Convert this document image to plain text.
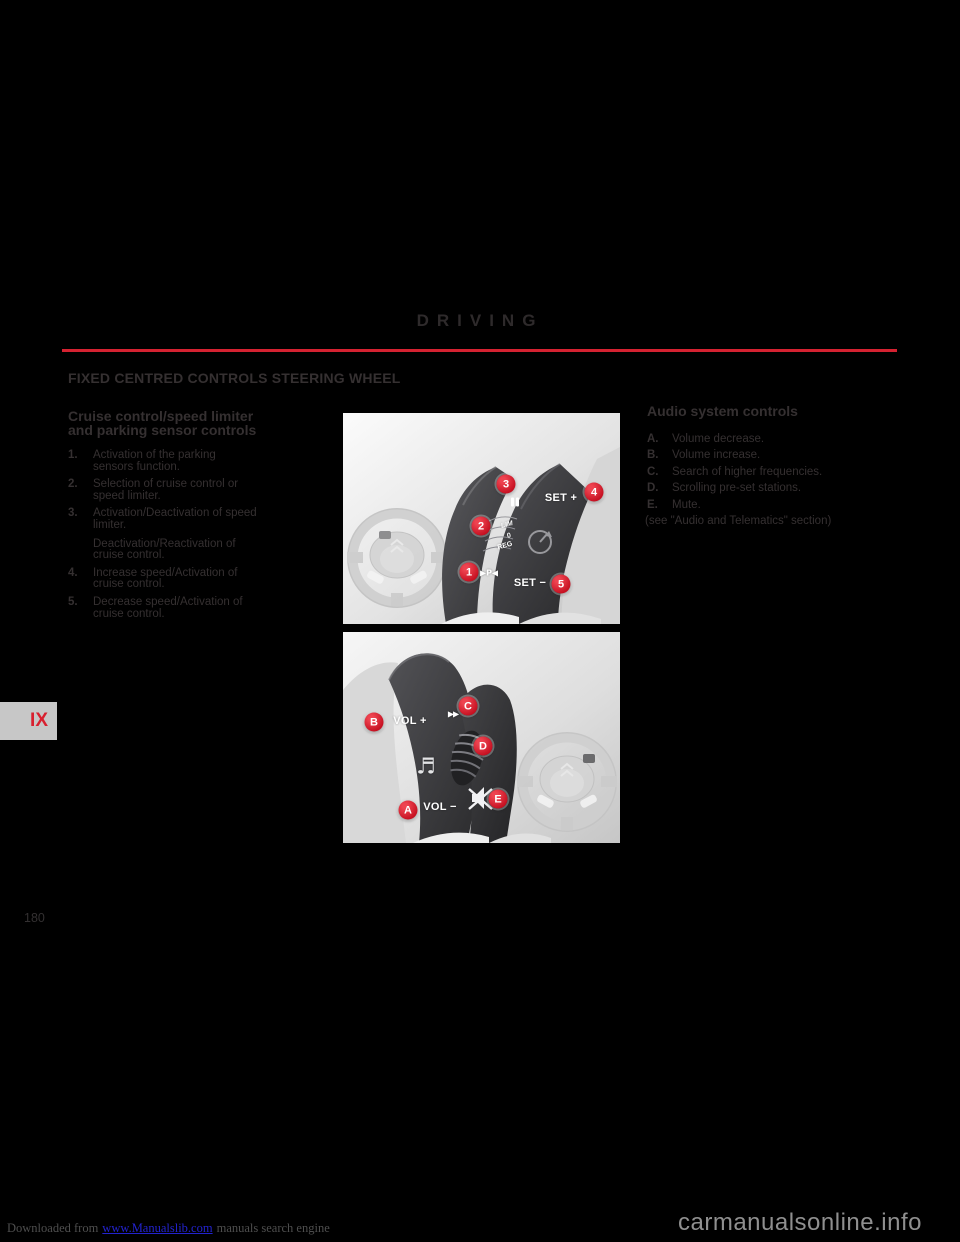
DRIVING
FIXED CENTRED CONTROLS STEERING WHEEL
Cruise control/speed limiter
and parking sensor controls
1.	Activation of the parking
sensors function.
2.	Selection of cruise control or
speed limiter.
3.	Activation/Deactivation of speed
limiter.
Deactivation/Reactivation of
cruise control.
4.	Increase speed/Activation of
cruise control.
5.	Decrease speed/Activation of
cruise control.
Audio system controls
A.	Volume decrease.
B.	Volume increase.
C.	Search of higher frequencies.
D.	Scrolling pre-set stations.
E.	Mute.
(see "Audio and Telematics" section)
SET +
LIM
0
REG
▶P◀
SET −
1
2
3
4
5
VOL +
▶▶
♬
VOL −
A
B
C
D
E
IX
180
Downloaded from www.Manualslib.com manuals search engine	carmanualsonline.info
